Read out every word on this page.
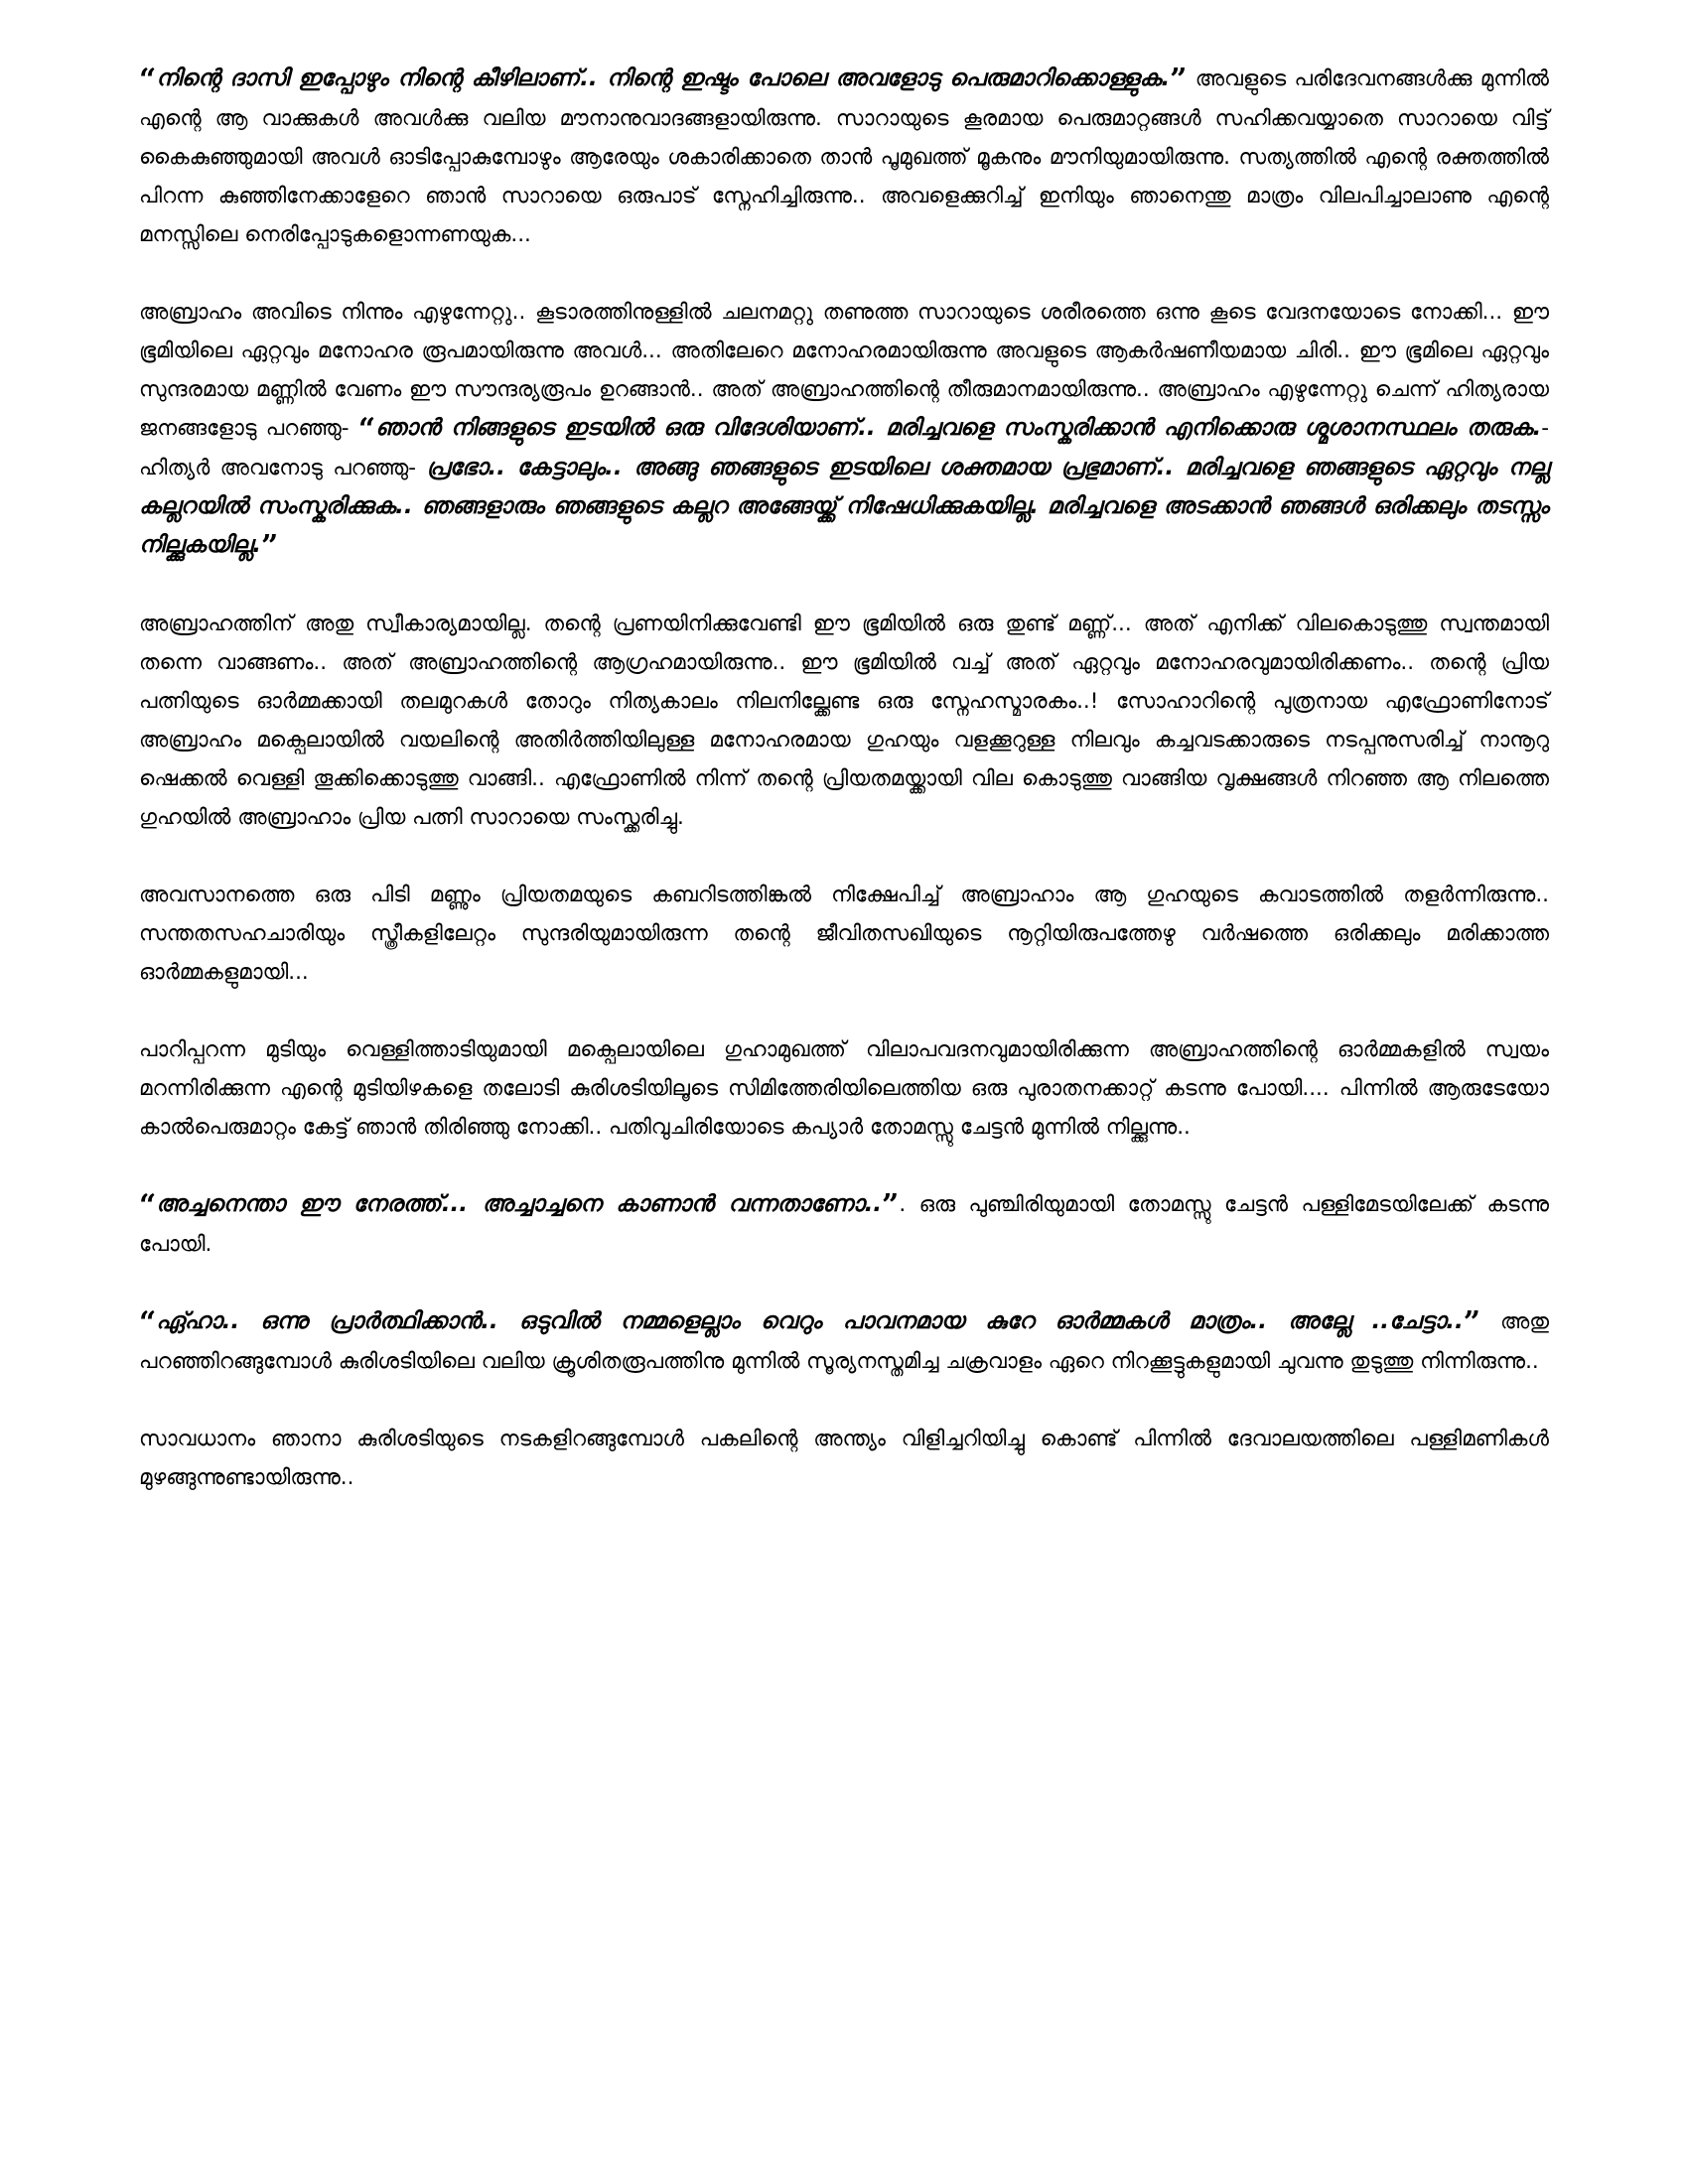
“നിന്റെ ദാസി ഇപ്പോഴും നിന്റെ കീഴിലാണ്.. നിന്റെ ഇഷ്ടം പോലെ അവളോടു പെരുമാറിക്കൊള്ളുക.” അവളുടെ പരിദേവനങ്ങൾക്കു മുന്നിൽ എന്റെ ആ വാക്കുകൾ അവൾക്കു വലിയ മൗനാനുവാദങ്ങളായിരുന്നു. സാറായുടെ കൂരമായ പെരുമാറ്റങ്ങൾ സഹിക്കവയ്യാതെ സാറായെ വിട്ട് കൈകുഞ്ഞുമായി അവൾ ഓടിപ്പോകുമ്പോഴും ആരേയും ശകാരിക്കാതെ താൻ പൂമുഖത്ത് മൂകനും മൗനിയുമായിരുന്നു. സത്യത്തിൽ എന്റെ രക്തത്തിൽ പിറന്ന കുഞ്ഞിനേക്കാളേറെ ഞാൻ സാറായെ ഒരുപാട് സ്നേഹിച്ചിരുന്നു.. അവളെക്കുറിച്ച് ഇനിയും ഞാനെന്തു മാത്രം വിലപിച്ചാലാണു എന്റെ മനസ്സിലെ നെരിപ്പോടുകളൊന്നണയുക...

അബ്രാഹം അവിടെ നിന്നും എഴുന്നേറ്റു.. കൂടാരത്തിനുള്ളിൽ ചലനമറ്റു തണുത്ത സാറായുടെ ശരീരത്തെ ഒന്നു കൂടെ വേദനയോടെ നോക്കി... ഈ ഭൂമിയിലെ ഏറ്റവും മനോഹര രൂപമായിരുന്നു അവൾ... അതിലേറെ മനോഹരമായിരുന്നു അവളുടെ ആകർഷണീയമായ ചിരി.. ഈ ഭൂമിലെ ഏറ്റവും സുന്ദരമായ മണ്ണിൽ വേണം ഈ സൗന്ദര്യരൂപം ഉറങ്ങാൻ.. അത് അബ്രാഹത്തിന്റെ തീരുമാനമായിരുന്നു.. അബ്രാഹം എഴുന്നേറ്റു ചെന്ന് ഹിത്യരായ ജനങ്ങളോടു പറഞ്ഞു- “ഞാൻ നിങ്ങളുടെ ഇടയിൽ ഒരു വിദേശിയാണ്.. മരിച്ചവളെ സംസ്കരിക്കാൻ എനിക്കൊരു ശ്മശാനസ്ഥലം തരുക.- ഹിത്യർ അവനോടു പറഞ്ഞു- പ്രഭോ.. കേട്ടാലും.. അങ്ങു ഞങ്ങളുടെ ഇടയിലെ ശക്തമായ പ്രഭുമാണ്.. മരിച്ചവളെ ഞങ്ങളുടെ ഏറ്റവും നല്ല കല്ലറയിൽ സംസ്കരിക്കുക.. ഞങ്ങളാരും ഞങ്ങളുടെ കല്ലറ അങ്ങേയ്ക്ക് നിഷേധിക്കുകയില്ല. മരിച്ചവളെ അടക്കാൻ ഞങ്ങൾ ഒരിക്കലും തടസ്സം നില്ക്കുകയില്ല.”

അബ്രാഹത്തിന് അതു സ്വീകാര്യമായില്ല. തന്റെ പ്രണയിനിക്കുവേണ്ടി ഈ ഭൂമിയിൽ ഒരു തുണ്ട് മണ്ണ്... അത് എനിക്ക് വിലകൊടുത്തു സ്വന്തമായി തന്നെ വാങ്ങണം.. അത് അബ്രാഹത്തിന്റെ ആഗ്രഹമായിരുന്നു.. ഈ ഭൂമിയിൽ വച്ച് അത് ഏറ്റവും മനോഹരവുമായിരിക്കണം.. തന്റെ പ്രിയ പത്നിയുടെ ഓർമ്മക്കായി തലമുറകൾ തോറും നിത്യകാലം നിലനില്ക്കേണ്ട ഒരു സ്നേഹസ്മാരകം..! സോഹാറിന്റെ പുത്രനായ എഫ്രോണിനോട് അബ്രാഹം മക്പെലായിൽ വയലിന്റെ അതിർത്തിയിലുള്ള മനോഹരമായ ഗുഹയും വളക്കൂറുള്ള നിലവും കച്ചവടക്കാരുടെ നടപ്പനുസരിച്ച് നാനൂറു ഷെക്കൽ വെള്ളി തൂക്കിക്കൊടുത്തു വാങ്ങി.. എഫ്രോണിൽ നിന്ന് തന്റെ പ്രിയതമയ്ക്കായി വില കൊടുത്തു വാങ്ങിയ വൃക്ഷങ്ങൾ നിറഞ്ഞ ആ നിലത്തെ ഗുഹയിൽ അബ്രാഹാം പ്രിയ പത്നി സാറായെ സംസ്ക്കരിച്ചു.

അവസാനത്തെ ഒരു പിടി മണ്ണും പ്രിയതമയുടെ കബറിടത്തിങ്കൽ നിക്ഷേപിച്ച് അബ്രാഹാം ആ ഗുഹയുടെ കവാടത്തിൽ തളർന്നിരുന്നു.. സന്തതസഹചാരിയും സ്ത്രീകളിലേറ്റം സുന്ദരിയുമായിരുന്ന തന്റെ ജീവിതസഖിയുടെ നൂറ്റിയിരുപത്തേഴു വർഷത്തെ ഒരിക്കലും മരിക്കാത്ത ഓർമ്മകളുമായി...

പാറിപ്പറന്ന മുടിയും വെള്ളിത്താടിയുമായി മക്പെലായിലെ ഗുഹാമുഖത്ത് വിലാപവദനവുമായിരിക്കുന്ന അബ്രാഹത്തിന്റെ ഓർമ്മകളിൽ സ്വയം മറന്നിരിക്കുന്ന എന്റെ മുടിയിഴകളെ തലോടി കുരിശടിയിലൂടെ സിമിത്തേരിയിലെത്തിയ ഒരു പുരാതനക്കാറ്റ് കടന്നു പോയി.... പിന്നിൽ ആരുടേയോ കാൽപെരുമാറ്റം കേട്ട് ഞാൻ തിരിഞ്ഞു നോക്കി.. പതിവുചിരിയോടെ കപ്യാർ തോമസ്സു ചേട്ടൻ മുന്നിൽ നില്ക്കുന്നു..

“അച്ചനെന്താ ഈ നേരത്ത്... അച്ചാച്ചനെ കാണാൻ വന്നതാണോ..”. ഒരു പുഞ്ചിരിയുമായി തോമസ്സു ചേട്ടൻ പള്ളിമേടയിലേക്ക് കടന്നു പോയി.

“ഏ്ഹാ.. ഒന്നു പ്രാർത്ഥിക്കാൻ.. ഒടുവിൽ നമ്മളെല്ലാം വെറും പാവനമായ കുറേ ഓർമ്മകൾ മാത്രം.. അല്ലേ ..ചേട്ടാ..” അതു പറഞ്ഞിറങ്ങുമ്പോൾ കുരിശടിയിലെ വലിയ ക്രൂശിതരൂപത്തിനു മുന്നിൽ സൂര്യനസ്തമിച്ച ചക്രവാളം ഏറെ നിറക്കൂട്ടുകളുമായി ചുവന്നു തുടുത്തു നിന്നിരുന്നു..

സാവധാനം ഞാനാ കുരിശടിയുടെ നടകളിറങ്ങുമ്പോൾ പകലിന്റെ അന്ത്യം വിളിച്ചറിയിച്ചു കൊണ്ട് പിന്നിൽ ദേവാലയത്തിലെ പള്ളിമണികൾ മുഴങ്ങുന്നുണ്ടായിരുന്നു..
